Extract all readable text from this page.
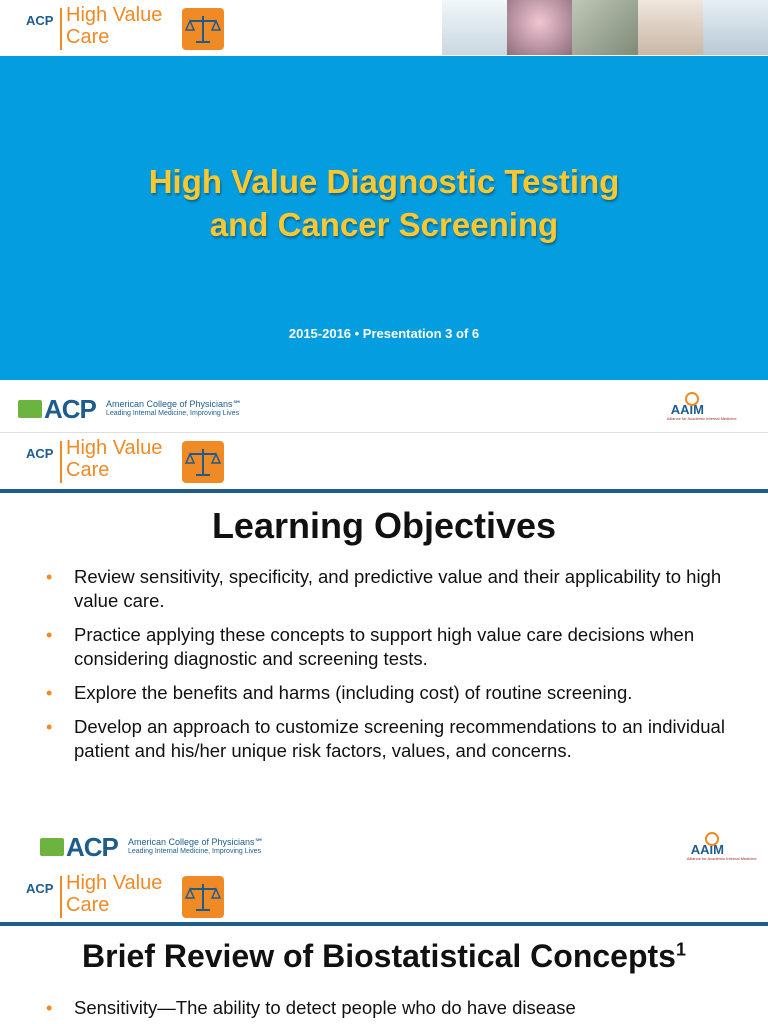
ACP High Value
Care
High Value Diagnostic Testing
and Cancer Screening
2015-2016 • Presentation 3 of 6
ACP American College of Physicians℠
Leading Internal Medicine, Improving Lives	AAIM
Alliance for Academic Internal Medicine
ACP High Value
Care
Learning Objectives
• Review sensitivity, specificity, and predictive value and their applicability to high value care.
• Practice applying these concepts to support high value care decisions when considering diagnostic and screening tests.
• Explore the benefits and harms (including cost) of routine screening.
• Develop an approach to customize screening recommendations to an individual patient and his/her unique risk factors, values, and concerns.
ACP American College of Physicians℠
Leading Internal Medicine, Improving Lives	AAIM
Alliance for Academic Internal Medicine
ACP High Value
Care
Brief Review of Biostatistical Concepts$^1$
• Sensitivity—The ability to detect people who do have disease
